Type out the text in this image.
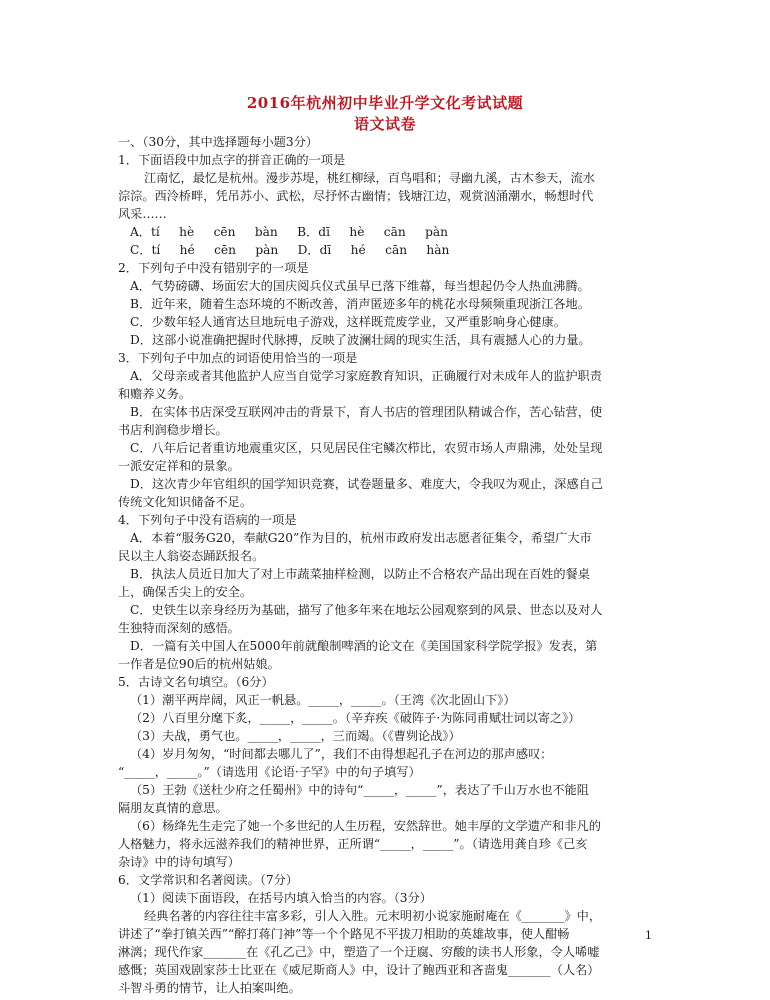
2016年杭州初中毕业升学文化考试试题
语文试卷
一、（30分，其中选择题每小题3分）
1．下面语段中加点字的拼音正确的一项是
江南忆，最忆是杭州。漫步苏堤，桃红柳绿，百鸟唱和；寻幽九溪，古木参天，流水
淙淙。西泠桥畔，凭吊苏小、武松，尽抒怀古幽情；钱塘江边，观赏汹涌潮水，畅想时代
风采……
A．tí     hè     cēn     bàn     B．dī     hè     cān     pàn
C．tí     hé     cēn     pàn     D．dī     hé     cān     hàn
2．下列句子中没有错别字的一项是
A．气势磅礴、场面宏大的国庆阅兵仪式虽早已落下维幕，每当想起仍令人热血沸腾。
B．近年来，随着生态环境的不断改善，消声匿迹多年的桃花水母频频重现浙江各地。
C．少数年轻人通宵达旦地玩电子游戏，这样既荒废学业，又严重影响身心健康。
D．这部小说准确把握时代脉搏，反映了波澜壮阔的现实生活，具有震撼人心的力量。
3．下列句子中加点的词语使用恰当的一项是
A．父母亲或者其他监护人应当自觉学习家庭教育知识，正确履行对未成年人的监护职责
和赡养义务。
B．在实体书店深受互联网冲击的背景下，育人书店的管理团队精诚合作，苦心钻营，使
书店利润稳步增长。
C．八年后记者重访地震重灾区，只见居民住宅鳞次栉比，农贸市场人声鼎沸，处处呈现
一派安定祥和的景象。
D．这次青少年官组织的国学知识竞赛，试卷题量多、难度大，令我叹为观止，深感自己
传统文化知识储备不足。
4．下列句子中没有语病的一项是
A．本着“服务G20，奉献G20”作为目的，杭州市政府发出志愿者征集令，希望广大市
民以主人翁姿态踊跃报名。
B．执法人员近日加大了对上市蔬菜抽样检测，以防止不合格农产品出现在百姓的餐桌
上，确保舌尖上的安全。
C．史铁生以亲身经历为基础，描写了他多年来在地坛公园观察到的风景、世态以及对人
生独特而深刻的感悟。
D．一篇有关中国人在5000年前就酿制啤酒的论文在《美国国家科学院学报》发表，第
一作者是位90后的杭州姑娘。
5．古诗文名句填空。（6分）
（1）潮平两岸阔，风正一帆悬。_____，_____。（王湾《次北固山下》）
（2）八百里分麾下炙，_____，_____。（辛弃疾《破阵子·为陈同甫赋壮词以寄之》）
（3）夫战，勇气也。_____，_____，三而竭。（《曹刿论战》）
（4）岁月匆匆，“时间都去哪儿了”，我们不由得想起孔子在河边的那声感叹：
“_____，_____。”（请选用《论语·子罕》中的句子填写）
（5）王勃《送杜少府之任蜀州》中的诗句“_____，_____”，表达了千山万水也不能阻
隔朋友真情的意思。
（6）杨绛先生走完了她一个多世纪的人生历程，安然辞世。她丰厚的文学遗产和非凡的
人格魅力，将永远滋养我们的精神世界，正所谓“_____，_____”。（请选用龚自珍《己亥
杂诗》中的诗句填写）
6．文学常识和名著阅读。（7分）
（1）阅读下面语段，在括号内填入恰当的内容。（3分）
经典名著的内容往往丰富多彩，引人入胜。元末明初小说家施耐庵在《_______》中，
讲述了“拳打镇关西”“醉打蒋门神”等一个个路见不平拔刀相助的英雄故事，使人酣畅
淋漓；现代作家_______在《孔乙己》中，塑造了一个迂腐、穷酸的读书人形象，令人唏嘘
感慨；英国戏剧家莎士比亚在《威尼斯商人》中，设计了鲍西亚和吝啬鬼_______（人名）
斗智斗勇的情节，让人拍案叫绝。
1
